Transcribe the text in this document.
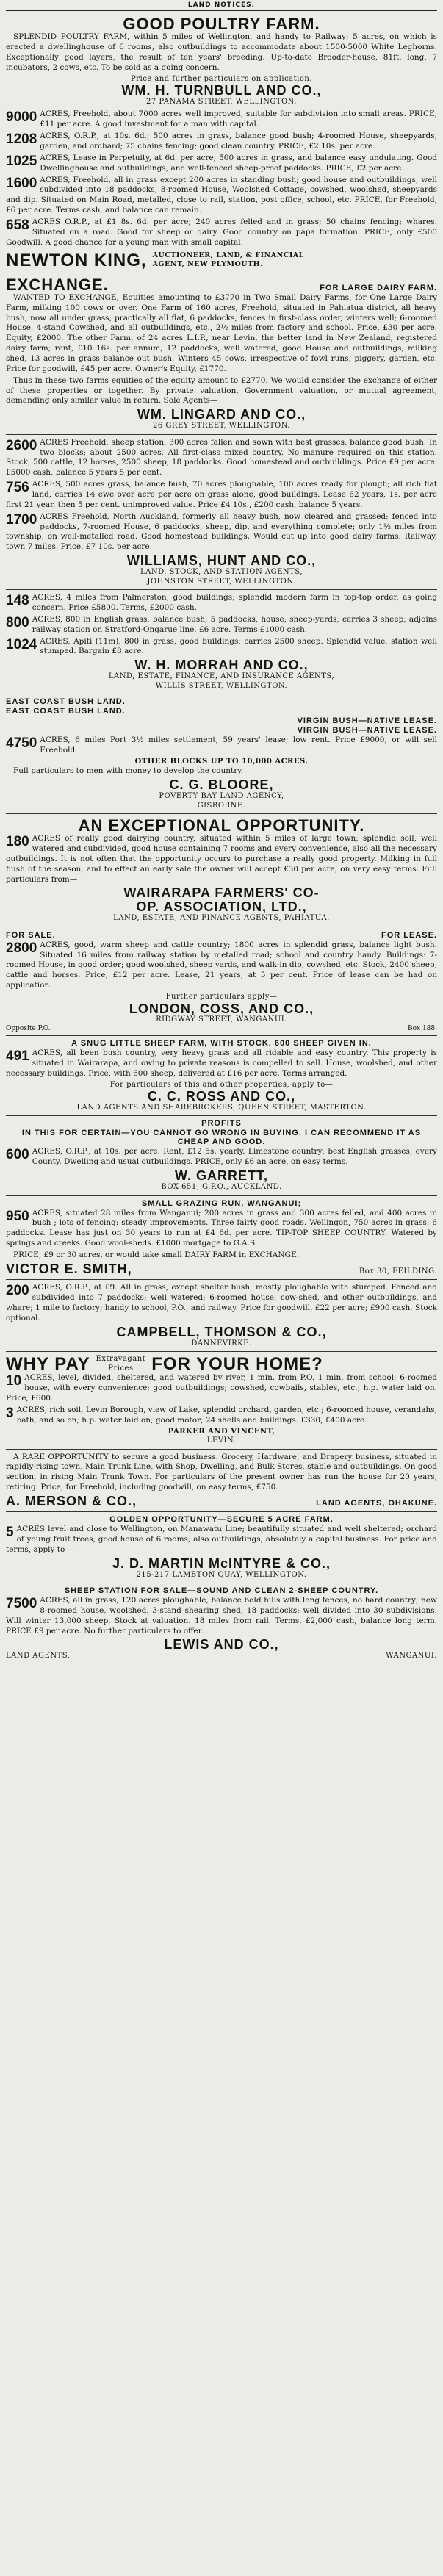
LAND NOTICES.
GOOD POULTRY FARM.

SPLENDID POULTRY FARM, within 5 miles of Wellington, and handy to Railway; 5 acres, on which is erected a dwellinghouse of 6 rooms, also outbuildings to accommodate about 1500-5000 White Leghorns. Exceptionally good layers, the result of ten years' breeding. Up-to-date Brooder-house, 81ft. long, 7 incubators, 2 cows, etc. To be sold as a going concern.

Price and further particulars on application.
WM. H. TURNBULL AND CO.,
27 PANAMA STREET, WELLINGTON.
9000 ACRES, Freehold, about 7000 acres well improved, suitable for subdivision into small areas. PRICE, £11 per acre. A good investment for a man with capital.
1208 ACRES, O.R.P., at 10s. 6d.; 500 acres in grass, balance good bush; 4-roomed House, sheepyards, garden, and orchard; 75 chains fencing; good clean country. PRICE, £2 10s. per acre.
1025 ACRES, Lease in Perpetuity, at 6d. per acre; 500 acres in grass, and balance easy undulating. Good Dwellinghouse and outbuildings, and well-fenced sheep-proof paddocks. PRICE, £2 per acre.
1600 ACRES, Freehold, all in grass except 200 acres in standing bush; good house and outbuildings, well subdivided into 18 paddocks, 8-roomed House, Woolshed Cottage, cowshed, woolshed, sheepyards and dip. Situated on Main Road, metalled, close to rail, station, post office, school, etc. PRICE, for Freehold, £6 per acre. Terms cash, and balance can remain.
658 ACRES O.R.P., at £1 8s. 6d. per acre; 240 acres felled and in grass; 50 chains fencing; whares. Situated on a road. Good for sheep or dairy. Good country on papa formation. PRICE, only £500 Goodwill. A good chance for a young man with small capital.
NEWTON KING, AUCTIONEER, LAND, & FINANCIAL
AGENT, NEW PLYMOUTH.
EXCHANGE.	FOR LARGE DAIRY FARM.

WANTED TO EXCHANGE, Equities amounting to £3770 in Two Small Dairy Farms, for One Large Dairy Farm, milking 100 cows or over. One Farm of 160 acres, Freehold, situated in Pahiatua district, all heavy bush, now all under grass, practically all flat, 6 paddocks, fences in first-class order, winters well; 6-roomed House, 4-stand Cowshed, and all outbuildings, etc., 2½ miles from factory and school. Price, £30 per acre. Equity, £2000. The other Farm, of 24 acres L.I.P., near Levin, the better land in New Zealand, registered dairy farm; rent, £10 16s. per annum, 12 paddocks, well watered, good House and outbuildings, milking shed, 13 acres in grass balance out bush. Winters 45 cows, irrespective of fowl runs, piggery, garden, etc. Price for goodwill, £45 per acre. Owner's Equity, £1770.

Thus in these two farms equities of the equity amount to £2770. We would consider the exchange of either of these properties or together. By private valuation, Government valuation, or mutual agreement, demanding only similar value in return. Sole Agents—

WM. LINGARD AND CO.,
26 GREY STREET, WELLINGTON.
2600 ACRES Freehold, sheep station, 300 acres fallen and sown with best grasses, balance good bush. In two blocks; about 2500 acres. All first-class mixed country. No manure required on this station. Stock, 500 cattle, 12 horses, 2500 sheep, 18 paddocks. Good homestead and outbuildings. Price £9 per acre. £5000 cash, balance 5 years 5 per cent.
756 ACRES, 500 acres grass, balance bush, 70 acres ploughable, 100 acres ready for plough; all rich flat land, carries 14 ewe over acre per acre on grass alone, good buildings. Lease 62 years, 1s. per acre first 21 year, then 5 per cent. unimproved value. Price £4 10s., £200 cash, balance 5 years.
1700 ACRES Freehold, North Auckland, formerly all heavy bush, now cleared and grassed; fenced into paddocks, 7-roomed House, 6 paddocks, sheep, dip, and everything complete; only 1½ miles from township, on well-metalled road. Good homestead buildings. Would cut up into good dairy farms. Railway, town 7 miles. Price, £7 10s. per acre.
WILLIAMS, HUNT AND CO.,
LAND, STOCK, AND STATION AGENTS,
JOHNSTON STREET, WELLINGTON.
148 ACRES, 4 miles from Palmerston; good buildings; splendid modern farm in top-top order, as going concern. Price £5800. Terms, £2000 cash.
800 ACRES, 800 in English grass, balance bush; 5 paddocks, house, sheep-yards; carries 3 sheep; adjoins railway station on Stratford-Ongarue line. £6 acre. Terms £1000 cash.
1024 ACRES, Apiti (11m), 800 in grass, good buildings; carries 2500 sheep. Splendid value, station well stumped. Bargain £8 acre.
W. H. MORRAH AND CO.,
LAND, ESTATE, FINANCE, AND INSURANCE AGENTS,
WILLIS STREET, WELLINGTON.
EAST COAST BUSH LAND.
EAST COAST BUSH LAND.
VIRGIN BUSH—NATIVE LEASE.
VIRGIN BUSH—NATIVE LEASE.
4750 ACRES, 6 miles Port 3½ miles settlement, 59 years' lease; low rent. Price £9000, or will sell Freehold.
OTHER BLOCKS UP TO 10,000 ACRES.

Full particulars to men with money to develop the country.

C. G. BLOORE,
POVERTY BAY LAND AGENCY,
GISBORNE.
AN EXCEPTIONAL OPPORTUNITY.
180 ACRES of really good dairying country, situated within 5 miles of large town; splendid soil, well watered and subdivided, good house containing 7 rooms and every convenience, also all the necessary outbuildings. It is not often that the opportunity occurs to purchase a really good property. Milking in full flush of the season, and to effect an early sale the owner will accept £30 per acre, on very easy terms. Full particulars from—
WAIRARAPA FARMERS' CO-
OP. ASSOCIATION, LTD.,
LAND, ESTATE, AND FINANCE AGENTS, PAHIATUA.
FOR SALE.	FOR LEASE.
2800 ACRES, good, warm sheep and cattle country; 1800 acres in splendid grass, balance light bush. Situated 16 miles from railway station by metalled road; school and country handy. Buildings: 7-roomed House, in good order; good woolshed, sheep yards, and walk-in dip, cowshed, etc. Stock, 2400 sheep, cattle and horses. Price, £12 per acre. Lease, 21 years, at 5 per cent. Price of lease can be had on application.
Further particulars apply—
LONDON, COSS, AND CO.,
RIDGWAY STREET, WANGANUI.
Opposite P.O.	Box 188.
A SNUG LITTLE SHEEP FARM, WITH STOCK. 600 SHEEP GIVEN IN.
491 ACRES, all been bush country, very heavy grass and all ridable and easy country. This property is situated in Wairarapa, and owing to private reasons is compelled to sell. House, woolshed, and other necessary buildings. Price, with 600 sheep, delivered at £16 per acre. Terms arranged.
For particulars of this and other properties, apply to—
C. C. ROSS AND CO.,
LAND AGENTS AND SHAREBROKERS, QUEEN STREET, MASTERTON.
PROFITS
IN THIS FOR CERTAIN—YOU CANNOT GO WRONG IN BUYING. I CAN RECOMMEND IT AS CHEAP AND GOOD.
600 ACRES, O.R.P., at 10s. per acre. Rent, £12 5s. yearly. Limestone country; best English grasses; every County. Dwelling and usual outbuildings. PRICE, only £6 an acre, on easy terms.
W. GARRETT,
BOX 651, G.P.O., AUCKLAND.
SMALL GRAZING RUN, WANGANUI;
950 ACRES, situated 28 miles from Wanganui; 200 acres in grass and 300 acres felled, and 400 acres in bush ; lots of fencing: steady improvements. Three fairly good roads. Wellingon, 750 acres in grass; 6 paddocks. Lease has just on 30 years to run at £4 6d. per acre. TIP-TOP SHEEP COUNTRY. Watered by springs and creeks. Good wool-sheds. £1000 mortgage to G.A.S.

PRICE, £9 or 30 acres, or would take small DAIRY FARM in EXCHANGE.

VICTOR E. SMITH,	Box 30, FEILDING.
200 ACRES, O.R.P., at £9. All in grass, except shelter bush; mostly ploughable with stumped. Fenced and subdivided into 7 paddocks; well watered; 6-roomed house, cow-shed, and other outbuildings, and whare; 1 mile to factory; handy to school, P.O., and railway. Price for goodwill, £22 per acre; £900 cash. Stock optional.
CAMPBELL, THOMSON & CO.,
DANNEVIRKE.
WHY PAY Extravagant
Prices	FOR YOUR HOME?
10 ACRES, level, divided, sheltered, and watered by river, 1 min. from P.O. 1 min. from school; 6-roomed house, with every convenience; good outbuildings; cowshed, cowbails, stables, etc.; h.p. water laid on. Price, £600.
3 ACRES, rich soil, Levin Borough, view of Lake, splendid orchard, garden, etc.; 6-roomed house, verandahs, bath, and so on; h.p. water laid on; good motor; 24 shells and buildings. £330, £400 acre.
PARKER AND VINCENT,
LEVIN.

A RARE OPPORTUNITY to secure a good business. Grocery, Hardware, and Drapery business, situated in rapidly-rising town, Main Trunk Line, with Shop, Dwelling, and Bulk Stores, stable and outbuildings. On good section, in rising Main Trunk Town. For particulars of the present owner has run the house for 20 years, retiring. Price, for Freehold, including goodwill, on easy terms, £750.

A. MERSON & CO.,	LAND AGENTS, OHAKUNE.
GOLDEN OPPORTUNITY—SECURE 5 ACRE FARM.
5 ACRES level and close to Wellington, on Manawatu Line; beautifully situated and well sheltered; orchard of young fruit trees; good house of 6 rooms; also outbuildings; absolutely a capital business. For price and terms, apply to—
J. D. MARTIN McINTYRE & CO.,
215-217 LAMBTON QUAY, WELLINGTON.
SHEEP STATION FOR SALE—SOUND AND CLEAN 2-SHEEP COUNTRY.
7500 ACRES, all in grass, 120 acres ploughable, balance bold hills with long fences, no hard country; new 8-roomed house, woolshed, 3-stand shearing shed, 18 paddocks; well divided into 30 subdivisions. Will winter 13,000 sheep. Stock at valuation. 18 miles from rail. Terms, £2,000 cash, balance long term. PRICE £9 per acre. No further particulars to offer.
LEWIS AND CO.,
LAND AGENTS,	WANGANUI.
